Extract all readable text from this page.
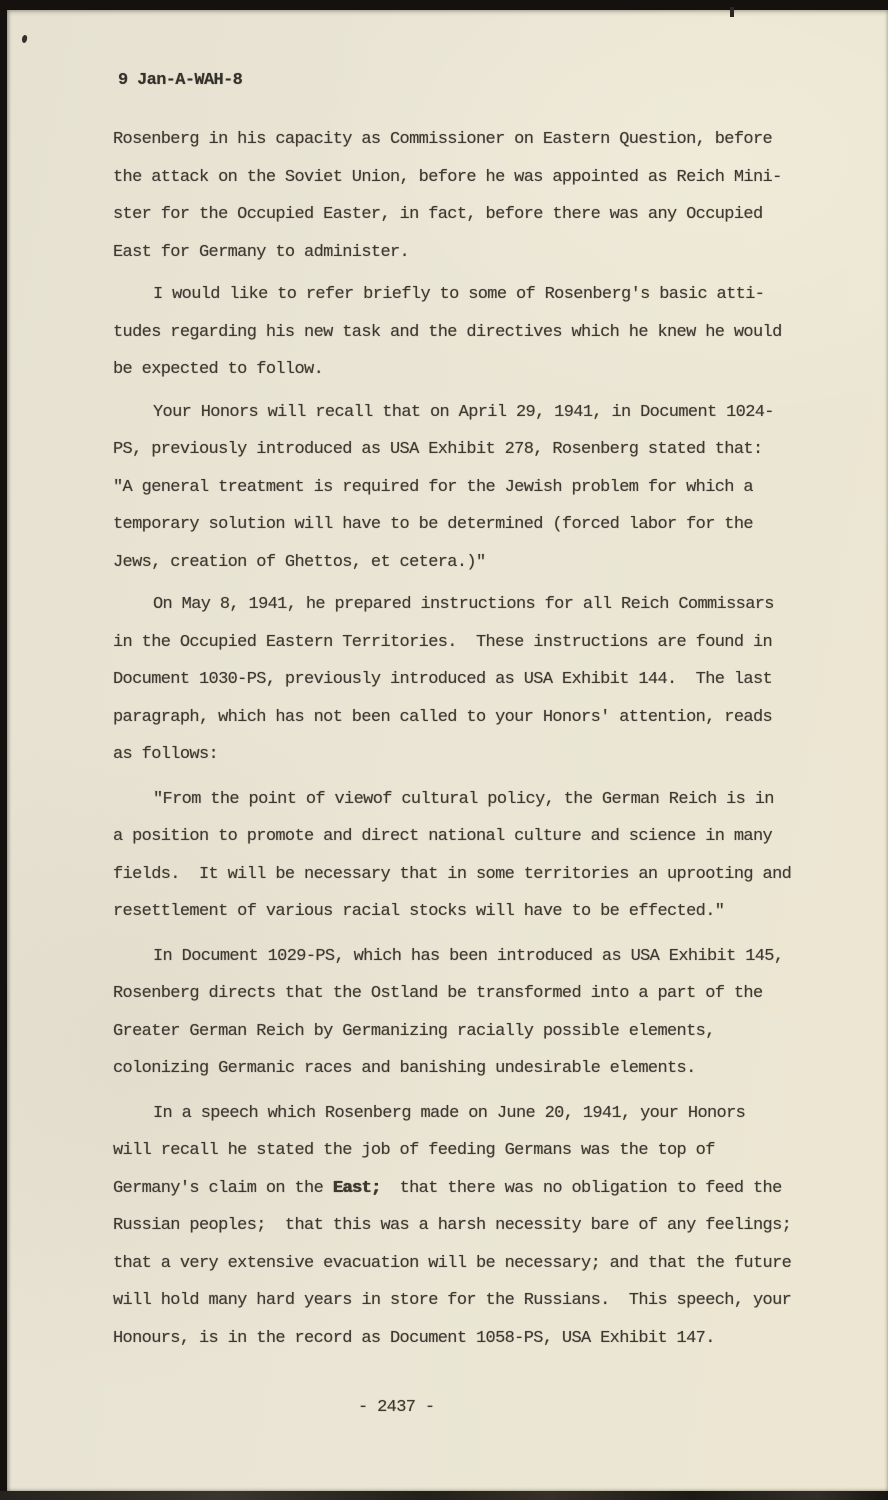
9 Jan-A-WAH-8
Rosenberg in his capacity as Commissioner on Eastern Question, before
the attack on the Soviet Union, before he was appointed as Reich Mini-
ster for the Occupied Easter, in fact, before there was any Occupied
East for Germany to administer.
I would like to refer briefly to some of Rosenberg's basic atti-
tudes regarding his new task and the directives which he knew he would
be expected to follow.
Your Honors will recall that on April 29, 1941, in Document 1024-
PS, previously introduced as USA Exhibit 278, Rosenberg stated that:
"A general treatment is required for the Jewish problem for which a
temporary solution will have to be determined (forced labor for the
Jews, creation of Ghettos, et cetera.)"
On May 8, 1941, he prepared instructions for all Reich Commissars
in the Occupied Eastern Territories.  These instructions are found in
Document 1030-PS, previously introduced as USA Exhibit 144.  The last
paragraph, which has not been called to your Honors' attention, reads
as follows:
"From the point of viewof cultural policy, the German Reich is in
a position to promote and direct national culture and science in many
fields.  It will be necessary that in some territories an uprooting and
resettlement of various racial stocks will have to be effected."
In Document 1029-PS, which has been introduced as USA Exhibit 145,
Rosenberg directs that the Ostland be transformed into a part of the
Greater German Reich by Germanizing racially possible elements,
colonizing Germanic races and banishing undesirable elements.
In a speech which Rosenberg made on June 20, 1941, your Honors
will recall he stated the job of feeding Germans was the top of
Germany's claim on the East;  that there was no obligation to feed the
Russian peoples;  that this was a harsh necessity bare of any feelings;
that a very extensive evacuation will be necessary; and that the future
will hold many hard years in store for the Russians.  This speech, your
Honours, is in the record as Document 1058-PS, USA Exhibit 147.
- 2437 -
